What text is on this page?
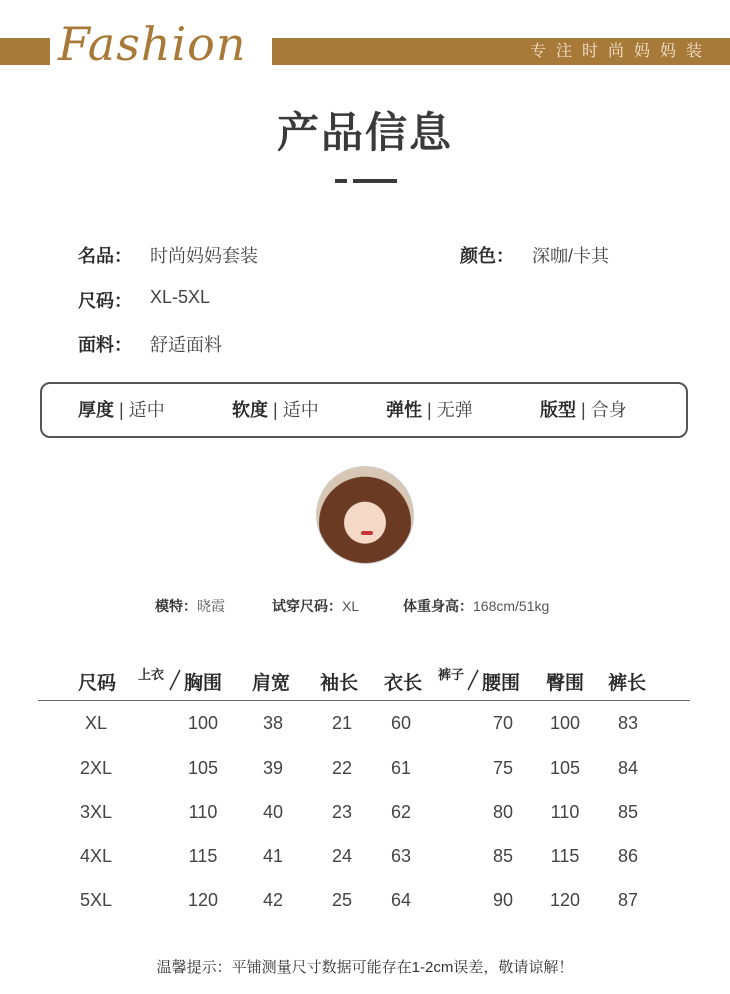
Fashion	专注时尚妈妈装
产品信息
名品： 时尚妈妈套装	颜色： 深咖/卡其
尺码： XL-5XL
面料： 舒适面料
厚度 | 适中	软度 | 适中	弹性 | 无弹	版型 | 合身
模特：晓霞	试穿尺码：XL	体重身高：168cm/51kg
尺码 上衣 胸围 肩宽 袖长 衣长 裤子 腰围 臀围 裤长
XL	100	38	21	60	70	100	83
2XL	105	39	22	61	75	105	84
3XL	110	40	23	62	80	110	85
4XL	115	41	24	63	85	115	86
5XL	120	42	25	64	90	120	87
温馨提示：平铺测量尺寸数据可能存在1-2cm误差，敬请谅解！
